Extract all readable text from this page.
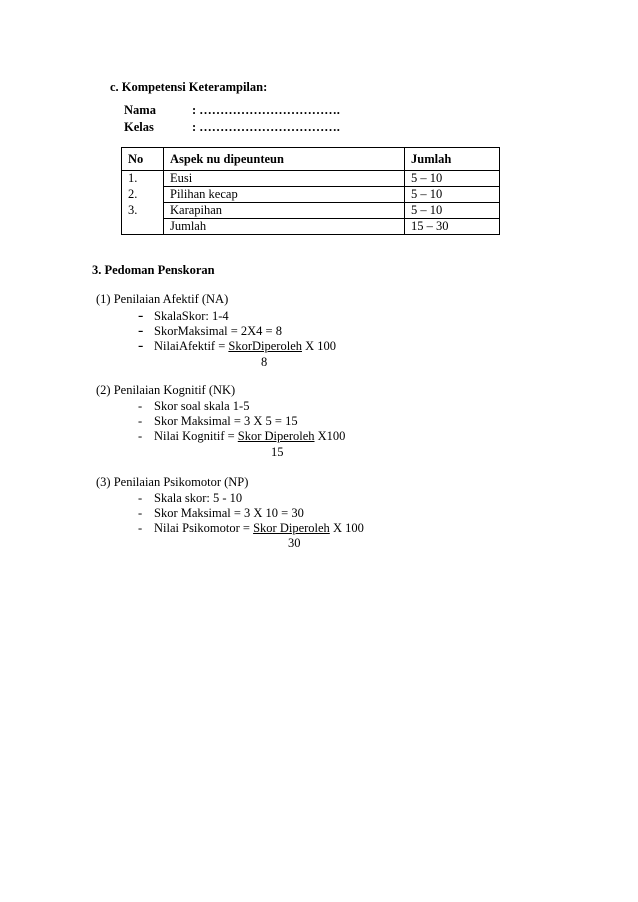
c. Kompetensi Keterampilan:
Nama	: …………………………….
Kelas	: …………………………….
No	Aspek nu dipeunteun	Jumlah
1.	Eusi	5 – 10
2.	Pilihan kecap	5 – 10
3.	Karapihan	5 – 10
	Jumlah	15 – 30
3. Pedoman Penskoran
(1) Penilaian Afektif (NA)
- SkalaSkor: 1-4
- SkorMaksimal = 2X4 = 8
- NilaiAfektif = SkorDiperoleh X 100
8
(2) Penilaian Kognitif (NK)
- Skor soal skala 1-5
- Skor Maksimal = 3 X 5 = 15
- Nilai Kognitif = Skor Diperoleh X100
15
(3) Penilaian Psikomotor (NP)
- Skala skor: 5 - 10
- Skor Maksimal = 3 X 10 = 30
- Nilai Psikomotor = Skor Diperoleh X 100
30
